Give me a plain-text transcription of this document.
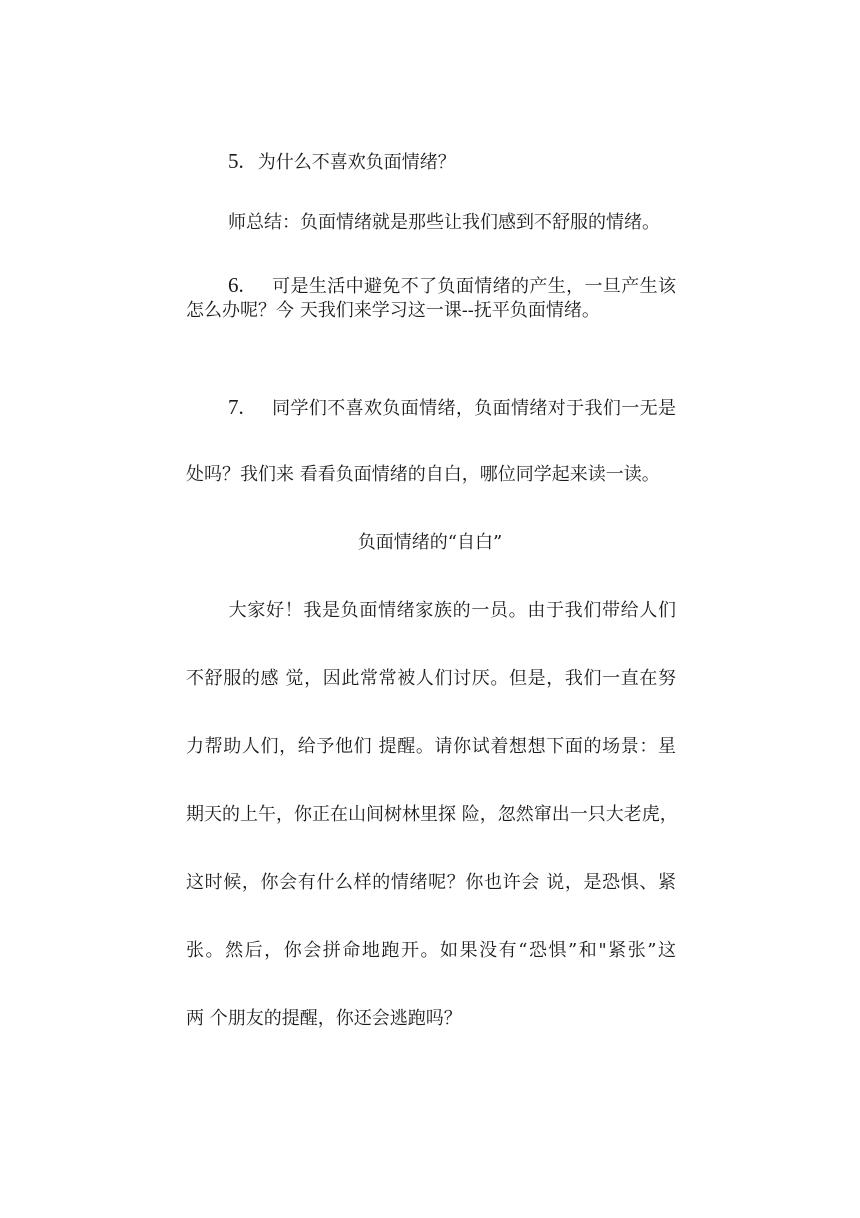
5. 为什么不喜欢负面情绪？
师总结：负面情绪就是那些让我们感到不舒服的情绪。
6. 可是生活中避免不了负面情绪的产生，一旦产生该
怎么办呢？今 天我们来学习这一课--抚平负面情绪。
7. 同学们不喜欢负面情绪，负面情绪对于我们一无是
处吗？我们来 看看负面情绪的自白，哪位同学起来读一读。
负面情绪的“自白”
大家好！我是负面情绪家族的一员。由于我们带给人们
不舒服的感 觉，因此常常被人们讨厌。但是，我们一直在努
力帮助人们，给予他们 提醒。请你试着想想下面的场景：星
期天的上午，你正在山间树林里探 险，忽然窜出一只大老虎，
这时候，你会有什么样的情绪呢？你也许会 说，是恐惧、紧
张。然后，你会拼命地跑开。如果没有“恐惧”和"紧张”这
两 个朋友的提醒，你还会逃跑吗？
